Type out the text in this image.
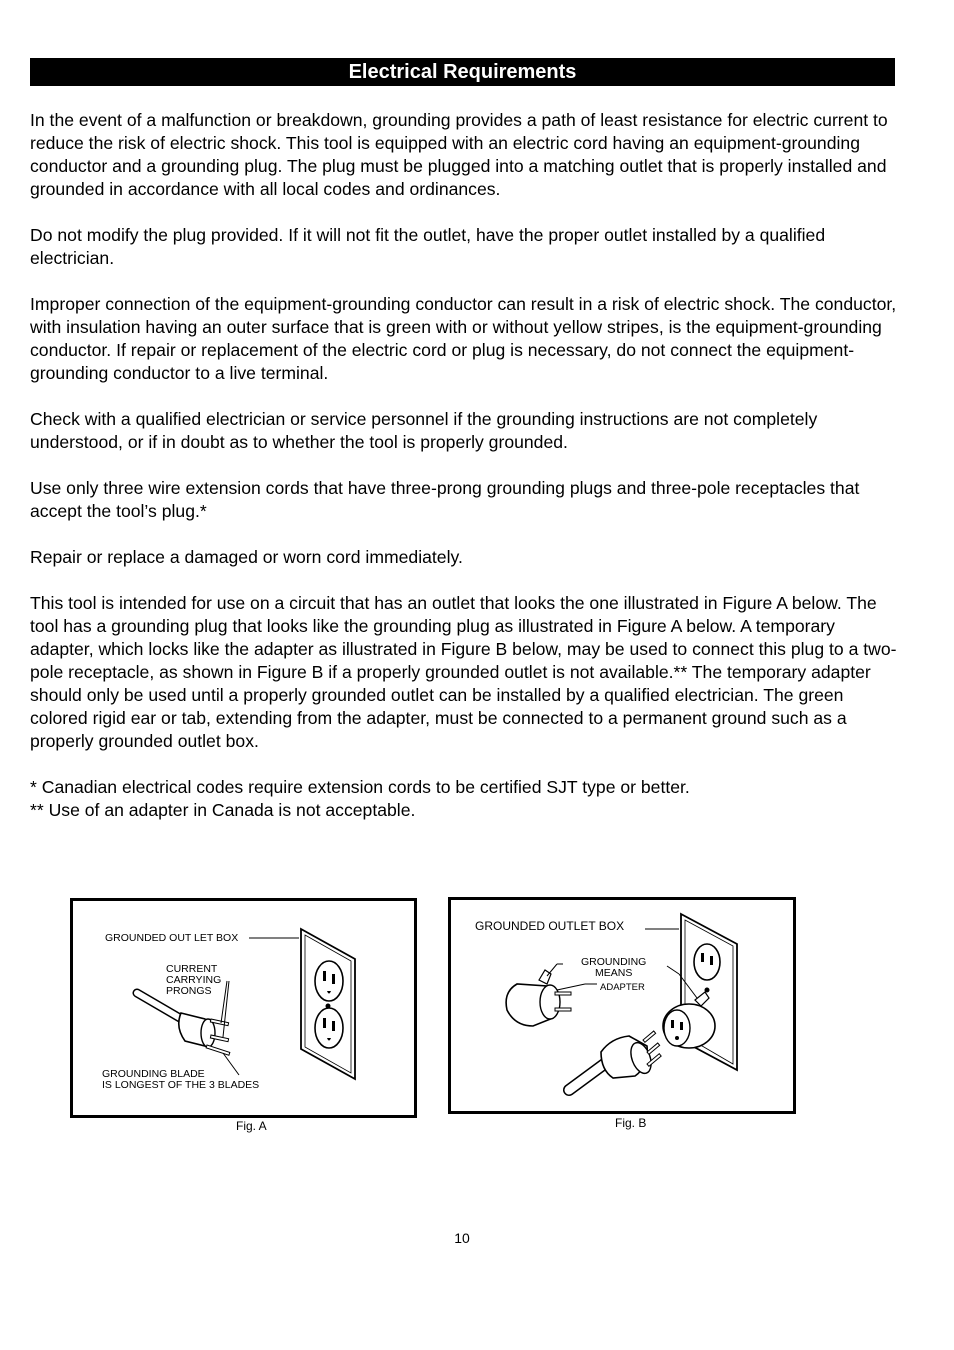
Electrical Requirements

In the event of a malfunction or breakdown, grounding provides a path of least resistance for electric current to reduce the risk of electric shock. This tool is equipped with an electric cord having an equipment-grounding conductor and a grounding plug. The plug must be plugged into a matching outlet that is properly installed and grounded in accordance with all local codes and ordinances.

Do not modify the plug provided. If it will not fit the outlet, have the proper outlet installed by a qualified electrician.

Improper connection of the equipment-grounding conductor can result in a risk of electric shock. The conductor, with insulation having an outer surface that is green with or without yellow stripes, is the equipment-grounding conductor. If repair or replacement of the electric cord or plug is necessary, do not connect the equipment-grounding conductor to a live terminal.

Check with a qualified electrician or service personnel if the grounding instructions are not completely understood, or if in doubt as to whether the tool is properly grounded.

Use only three wire extension cords that have three-prong grounding plugs and three-pole receptacles that accept the tool’s plug.*

Repair or replace a damaged or worn cord immediately.

This tool is intended for use on a circuit that has an outlet that looks the one illustrated in Figure A below. The tool has a grounding plug that looks like the grounding plug as illustrated in Figure A below. A temporary adapter, which locks like the adapter as illustrated in Figure B below, may be used to connect this plug to a two-pole receptacle, as shown in Figure B if a properly grounded outlet is not available.** The temporary adapter should only be used until a properly grounded outlet can be installed by a qualified electrician. The green colored rigid ear or tab, extending from the adapter, must be connected to a permanent ground such as a properly grounded outlet box.

* Canadian electrical codes require extension cords to be certified SJT type or better.

** Use of an adapter in Canada is not acceptable.

GROUNDED OUT LET BOX
CURRENT
CARRYING
PRONGS
GROUNDING BLADE
IS LONGEST OF THE 3 BLADES
Fig. A
GROUNDED OUTLET BOX
GROUNDING
MEANS
ADAPTER
Fig. B
10
